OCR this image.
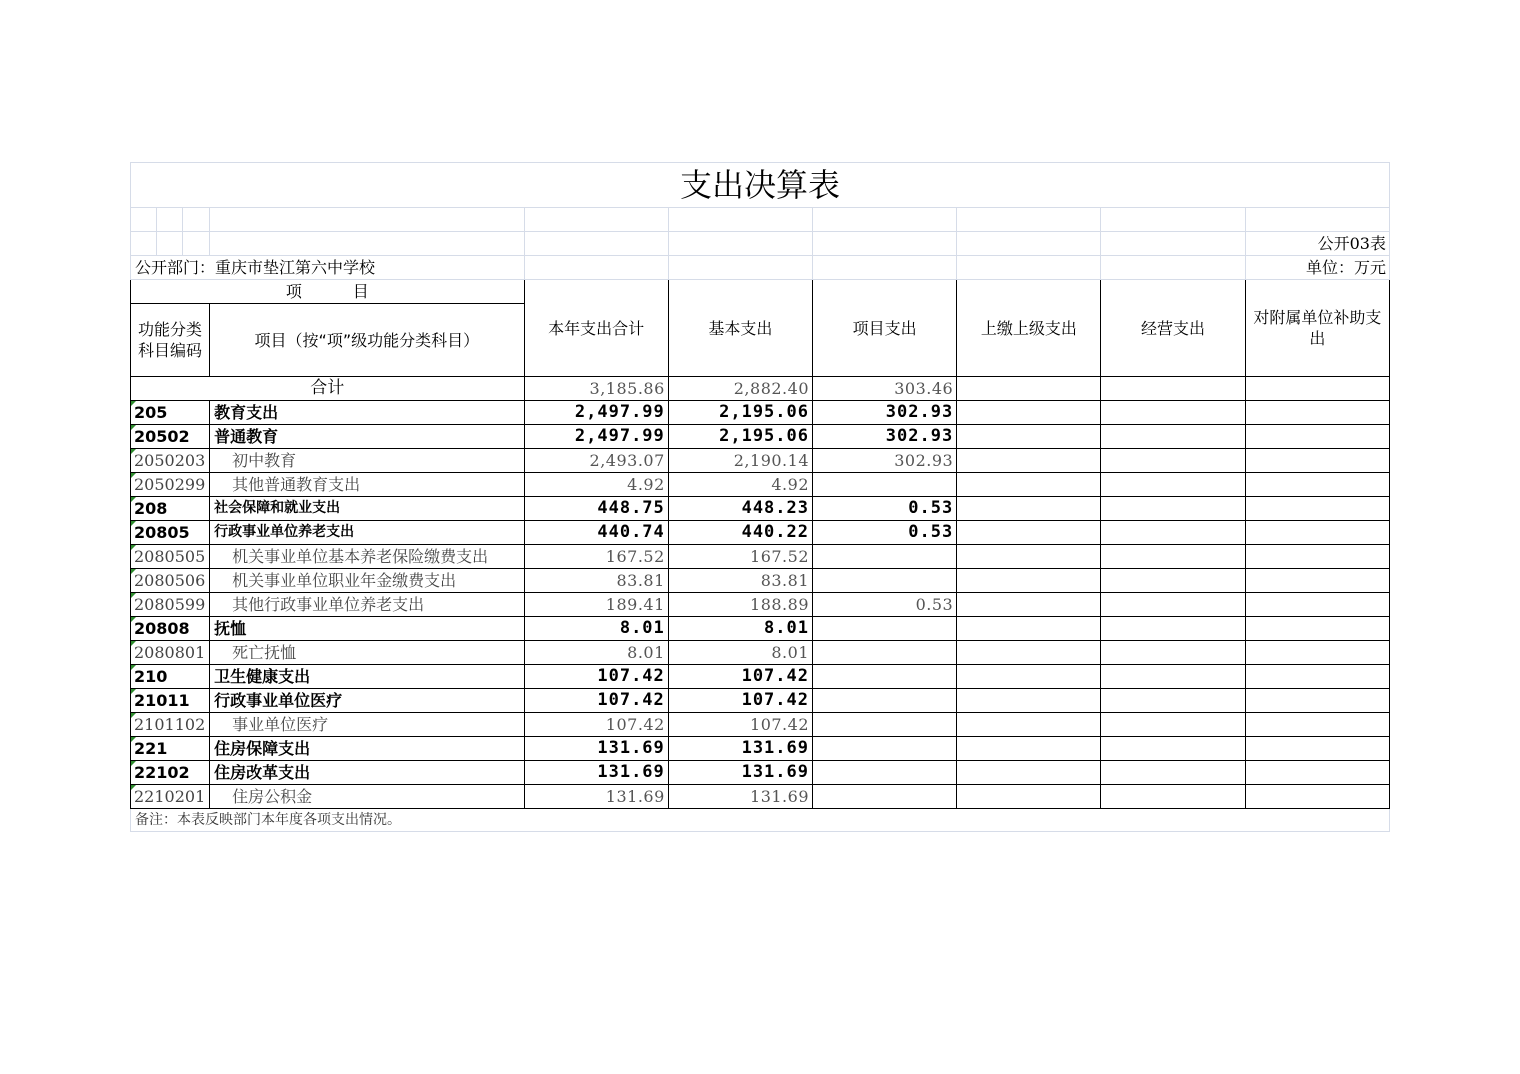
支出决算表									

									公开03表
公开部门：重庆市垫江第六中学校									单位：万元
项          目				本年支出合计	基本支出	项目支出	上缴上级支出	经营支出	对附属单位补助支出
功能分类科目编码			项目（按“项”级功能分类科目）						
合计				3,185.86	2,882.40	303.46			
205			教育支出	2,497.99	2,195.06	302.93			
20502			普通教育	2,497.99	2,195.06	302.93			
2050203			初中教育	2,493.07	2,190.14	302.93			
2050299			其他普通教育支出	4.92	4.92				
208			社会保障和就业支出	448.75	448.23	0.53			
20805			行政事业单位养老支出	440.74	440.22	0.53			
2080505			机关事业单位基本养老保险缴费支出	167.52	167.52				
2080506			机关事业单位职业年金缴费支出	83.81	83.81				
2080599			其他行政事业单位养老支出	189.41	188.89	0.53			
20808			抚恤	8.01	8.01				
2080801			死亡抚恤	8.01	8.01				
210			卫生健康支出	107.42	107.42				
21011			行政事业单位医疗	107.42	107.42				
2101102			事业单位医疗	107.42	107.42				
221			住房保障支出	131.69	131.69				
22102			住房改革支出	131.69	131.69				
2210201			住房公积金	131.69	131.69				
备注：本表反映部门本年度各项支出情况。									
